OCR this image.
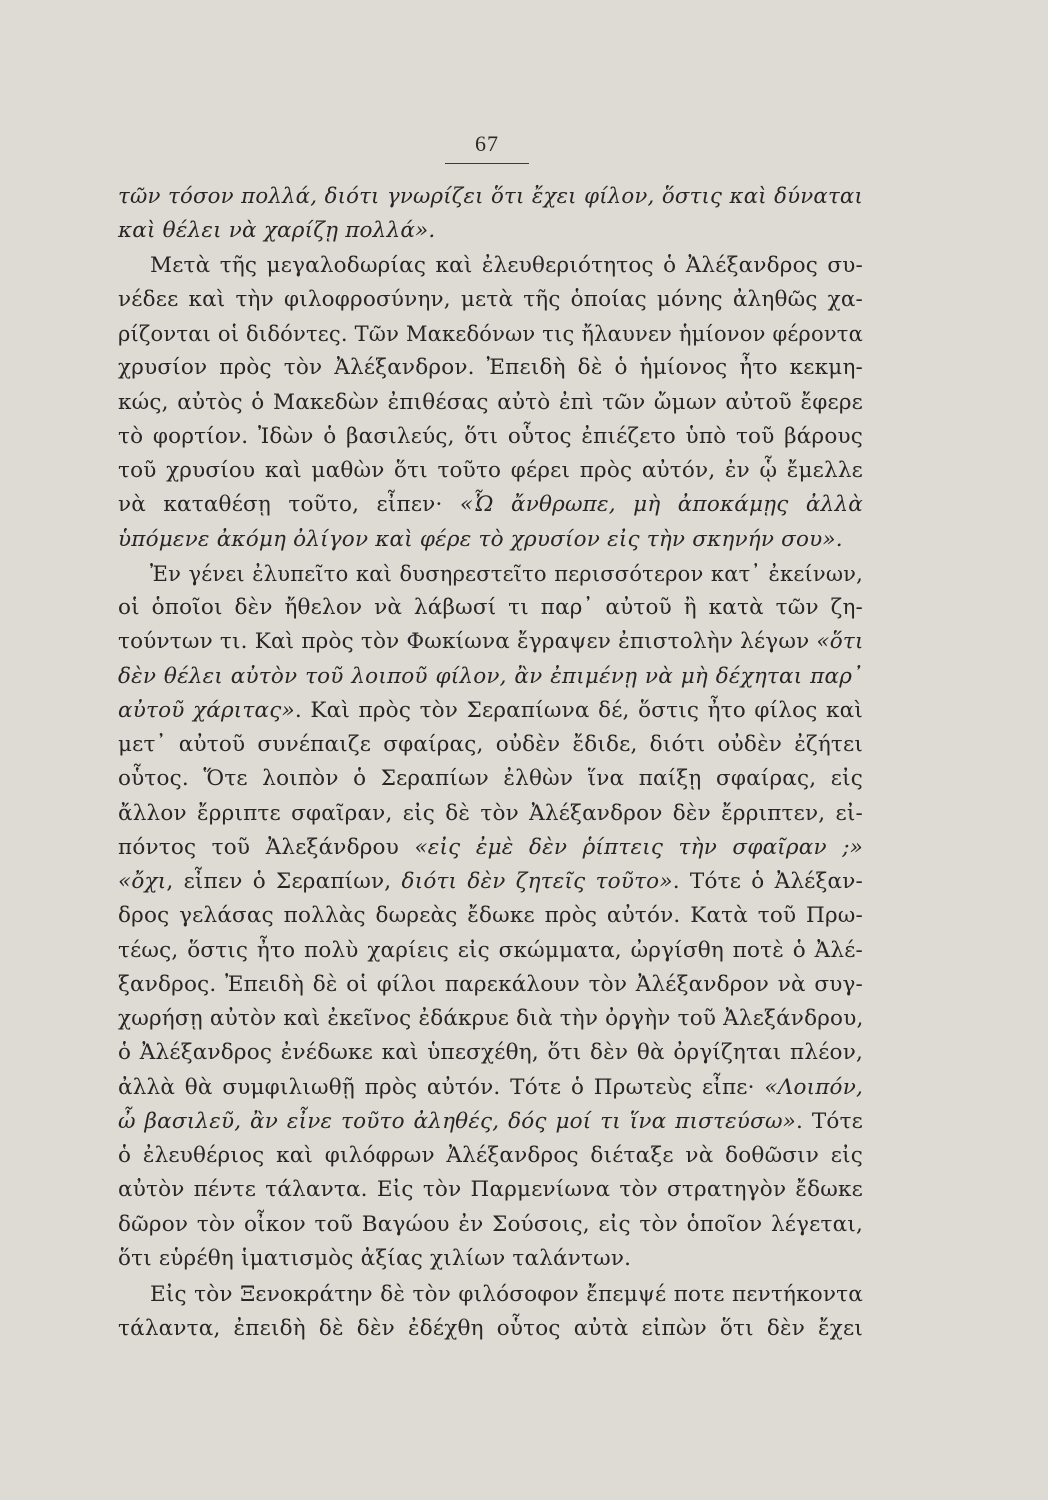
67
τῶν τόσον πολλά, διότι γνωρίζει ὅτι ἔχει φίλον, ὅστις καὶ δύναται
καὶ θέλει νὰ χαρίζῃ πολλά».
Μετὰ τῆς μεγαλοδωρίας καὶ ἐλευθεριότητος ὁ Ἀλέξανδρος συ-
νέδεε καὶ τὴν φιλοφροσύνην, μετὰ τῆς ὁποίας μόνης ἀληθῶς χα-
ρίζονται οἱ διδόντες. Τῶν Μακεδόνων τις ἤλαυνεν ἡμίονον φέροντα
χρυσίον πρὸς τὸν Ἀλέξανδρον. Ἐπειδὴ δὲ ὁ ἡμίονος ἦτο κεκμη-
κώς, αὐτὸς ὁ Μακεδὼν ἐπιθέσας αὐτὸ ἐπὶ τῶν ὤμων αὐτοῦ ἔφερε
τὸ φορτίον. Ἰδὼν ὁ βασιλεύς, ὅτι οὗτος ἐπιέζετο ὑπὸ τοῦ βάρους
τοῦ χρυσίου καὶ μαθὼν ὅτι τοῦτο φέρει πρὸς αὐτόν, ἐν ᾧ ἔμελλε
νὰ καταθέσῃ τοῦτο, εἶπεν· «Ὦ ἄνθρωπε, μὴ ἀποκάμῃς ἀλλὰ
ὑπόμενε ἀκόμη ὀλίγον καὶ φέρε τὸ χρυσίον εἰς τὴν σκηνήν σου».
Ἐν γένει ἐλυπεῖτο καὶ δυσηρεστεῖτο περισσότερον κατ᾽ ἐκείνων,
οἱ ὁποῖοι δὲν ἤθελον νὰ λάβωσί τι παρ᾽ αὐτοῦ ἢ κατὰ τῶν ζη-
τούντων τι. Καὶ πρὸς τὸν Φωκίωνα ἔγραψεν ἐπιστολὴν λέγων «ὅτι
δὲν θέλει αὐτὸν τοῦ λοιποῦ φίλον, ἂν ἐπιμένῃ νὰ μὴ δέχηται παρ᾽
αὐτοῦ χάριτας». Καὶ πρὸς τὸν Σεραπίωνα δέ, ὅστις ἦτο φίλος καὶ
μετ᾽ αὐτοῦ συνέπαιζε σφαίρας, οὐδὲν ἔδιδε, διότι οὐδὲν ἐζήτει
οὗτος. Ὅτε λοιπὸν ὁ Σεραπίων ἐλθὼν ἵνα παίξῃ σφαίρας, εἰς
ἄλλον ἔρριπτε σφαῖραν, εἰς δὲ τὸν Ἀλέξανδρον δὲν ἔρριπτεν, εἰ-
πόντος τοῦ Ἀλεξάνδρου «εἰς ἐμὲ δὲν ῥίπτεις τὴν σφαῖραν ;»
«ὄχι, εἶπεν ὁ Σεραπίων, διότι δὲν ζητεῖς τοῦτο». Τότε ὁ Ἀλέξαν-
δρος γελάσας πολλὰς δωρεὰς ἔδωκε πρὸς αὐτόν. Κατὰ τοῦ Πρω-
τέως, ὅστις ἦτο πολὺ χαρίεις εἰς σκώμματα, ὠργίσθη ποτὲ ὁ Ἀλέ-
ξανδρος. Ἐπειδὴ δὲ οἱ φίλοι παρεκάλουν τὸν Ἀλέξανδρον νὰ συγ-
χωρήσῃ αὐτὸν καὶ ἐκεῖνος ἐδάκρυε διὰ τὴν ὀργὴν τοῦ Ἀλεξάνδρου,
ὁ Ἀλέξανδρος ἐνέδωκε καὶ ὑπεσχέθη, ὅτι δὲν θὰ ὀργίζηται πλέον,
ἀλλὰ θὰ συμφιλιωθῇ πρὸς αὐτόν. Τότε ὁ Πρωτεὺς εἶπε· «Λοιπόν,
ὦ βασιλεῦ, ἂν εἶνε τοῦτο ἀληθές, δός μοί τι ἵνα πιστεύσω». Τότε
ὁ ἐλευθέριος καὶ φιλόφρων Ἀλέξανδρος διέταξε νὰ δοθῶσιν εἰς
αὐτὸν πέντε τάλαντα. Εἰς τὸν Παρμενίωνα τὸν στρατηγὸν ἔδωκε
δῶρον τὸν οἶκον τοῦ Βαγώου ἐν Σούσοις, εἰς τὸν ὁποῖον λέγεται,
ὅτι εὑρέθη ἱματισμὸς ἀξίας χιλίων ταλάντων.
Εἰς τὸν Ξενοκράτην δὲ τὸν φιλόσοφον ἔπεμψέ ποτε πεντήκοντα
τάλαντα, ἐπειδὴ δὲ δὲν ἐδέχθη οὗτος αὐτὰ εἰπὼν ὅτι δὲν ἔχει
